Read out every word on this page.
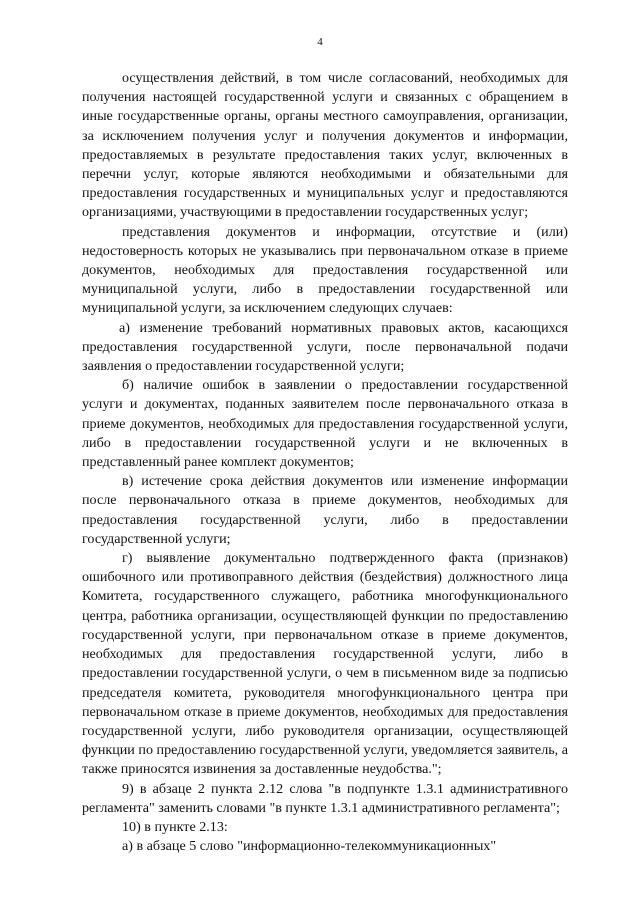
4

осуществления действий, в том числе согласований, необходимых для получения настоящей государственной услуги и связанных с обращением в иные государственные органы, органы местного самоуправления, организации, за исключением получения услуг и получения документов и информации, предоставляемых в результате предоставления таких услуг, включенных в перечни услуг, которые являются необходимыми и обязательными для предоставления государственных и муниципальных услуг и предоставляются организациями, участвующими в предоставлении государственных услуг;

представления документов и информации, отсутствие и (или) недостоверность которых не указывались при первоначальном отказе в приеме документов, необходимых для предоставления государственной или муниципальной услуги, либо в предоставлении государственной или муниципальной услуги, за исключением следующих случаев:

а) изменение требований нормативных правовых актов, касающихся предоставления государственной услуги, после первоначальной подачи заявления о предоставлении государственной услуги;

б) наличие ошибок в заявлении о предоставлении государственной услуги и документах, поданных заявителем после первоначального отказа в приеме документов, необходимых для предоставления государственной услуги, либо в предоставлении государственной услуги и не включенных в представленный ранее комплект документов;

в) истечение срока действия документов или изменение информации после первоначального отказа в приеме документов, необходимых для предоставления государственной услуги, либо в предоставлении государственной услуги;

г) выявление документально подтвержденного факта (признаков) ошибочного или противоправного действия (бездействия) должностного лица Комитета, государственного служащего, работника многофункционального центра, работника организации, осуществляющей функции по предоставлению государственной услуги, при первоначальном отказе в приеме документов, необходимых для предоставления государственной услуги, либо в предоставлении государственной услуги, о чем в письменном виде за подписью председателя комитета, руководителя многофункционального центра при первоначальном отказе в приеме документов, необходимых для предоставления государственной услуги, либо руководителя организации, осуществляющей функции по предоставлению государственной услуги, уведомляется заявитель, а также приносятся извинения за доставленные неудобства.";

9) в абзаце 2 пункта 2.12 слова "в подпункте 1.3.1 административного регламента" заменить словами "в пункте 1.3.1 административного регламента";

10) в пункте 2.13:

а) в абзаце 5 слово "информационно-телекоммуникационных"
